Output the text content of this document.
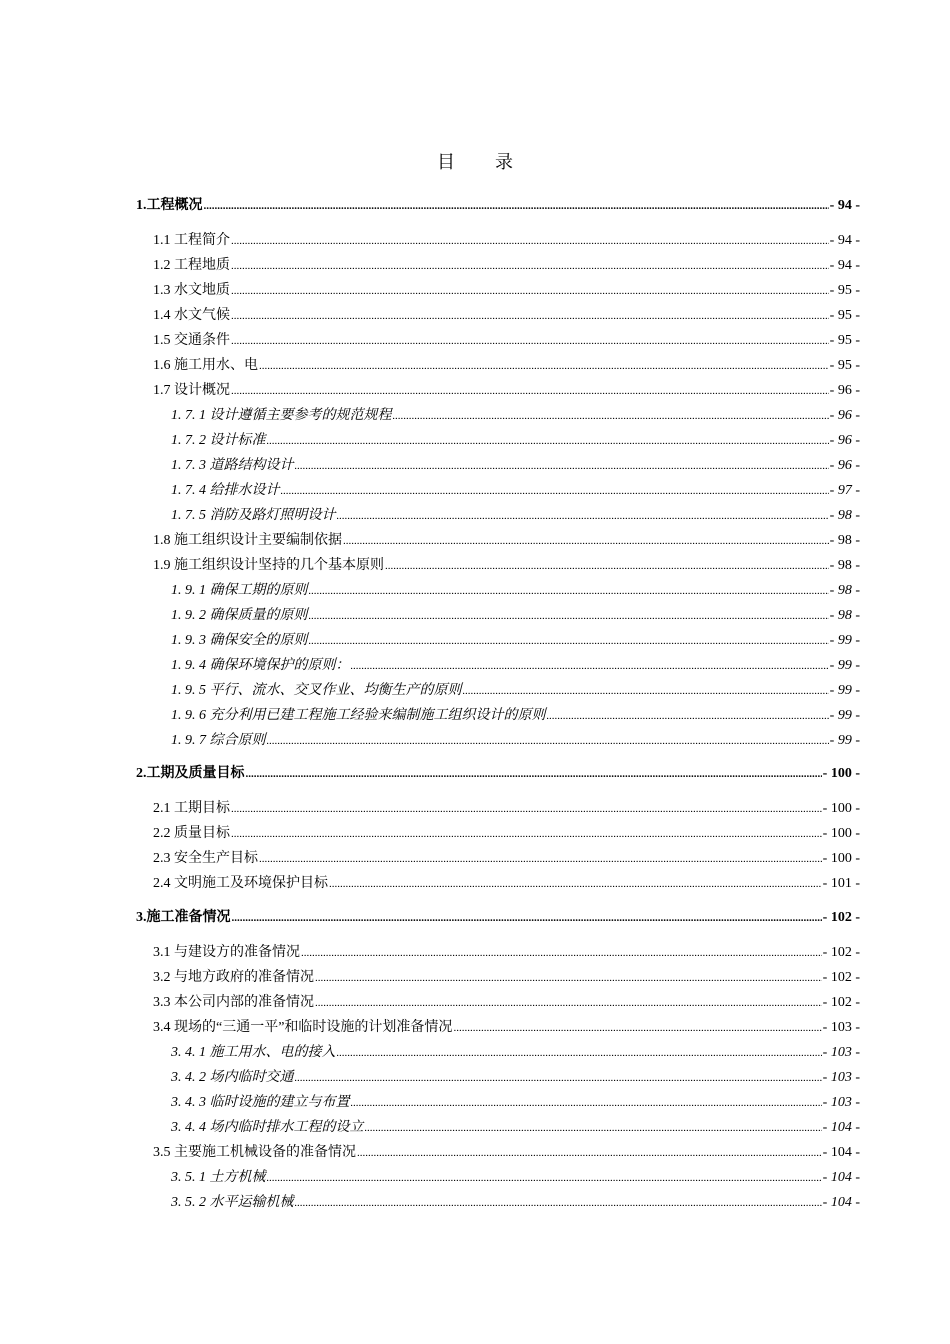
目 录
1.工程概况 .....	- 94 -
1.1 工程简介 .....	- 94 -
1.2 工程地质 .....	- 94 -
1.3 水文地质 .....	- 95 -
1.4 水文气候 .....	- 95 -
1.5 交通条件 .....	- 95 -
1.6 施工用水、电 .....	- 95 -
1.7 设计概况 .....	- 96 -
1. 7. 1 设计遵循主要参考的规范规程 .....	- 96 -
1. 7. 2 设计标准 .....	- 96 -
1. 7. 3 道路结构设计 .....	- 96 -
1. 7. 4 给排水设计 .....	- 97 -
1. 7. 5 消防及路灯照明设计 .....	- 98 -
1.8 施工组织设计主要编制依据 .....	- 98 -
1.9 施工组织设计坚持的几个基本原则 .....	- 98 -
1. 9. 1 确保工期的原则 .....	- 98 -
1. 9. 2 确保质量的原则 .....	- 98 -
1. 9. 3 确保安全的原则 .....	- 99 -
1. 9. 4 确保环境保护的原则： .....	- 99 -
1. 9. 5 平行、流水、交叉作业、均衡生产的原则 .....	- 99 -
1. 9. 6 充分利用已建工程施工经验来编制施工组织设计的原则 .....	- 99 -
1. 9. 7 综合原则 .....	- 99 -
2.工期及质量目标 .....	- 100 -
2.1 工期目标 .....	- 100 -
2.2 质量目标 .....	- 100 -
2.3 安全生产目标 .....	- 100 -
2.4 文明施工及环境保护目标 .....	- 101 -
3.施工准备情况 .....	- 102 -
3.1 与建设方的准备情况 .....	- 102 -
3.2 与地方政府的准备情况 .....	- 102 -
3.3 本公司内部的准备情况 .....	- 102 -
3.4 现场的“三通一平”和临时设施的计划准备情况 .....	- 103 -
3. 4. 1 施工用水、电的接入 .....	- 103 -
3. 4. 2 场内临时交通 .....	- 103 -
3. 4. 3 临时设施的建立与布置 .....	- 103 -
3. 4. 4 场内临时排水工程的设立 .....	- 104 -
3.5 主要施工机械设备的准备情况 .....	- 104 -
3. 5. 1 土方机械 .....	- 104 -
3. 5. 2 水平运输机械 .....	- 104 -
